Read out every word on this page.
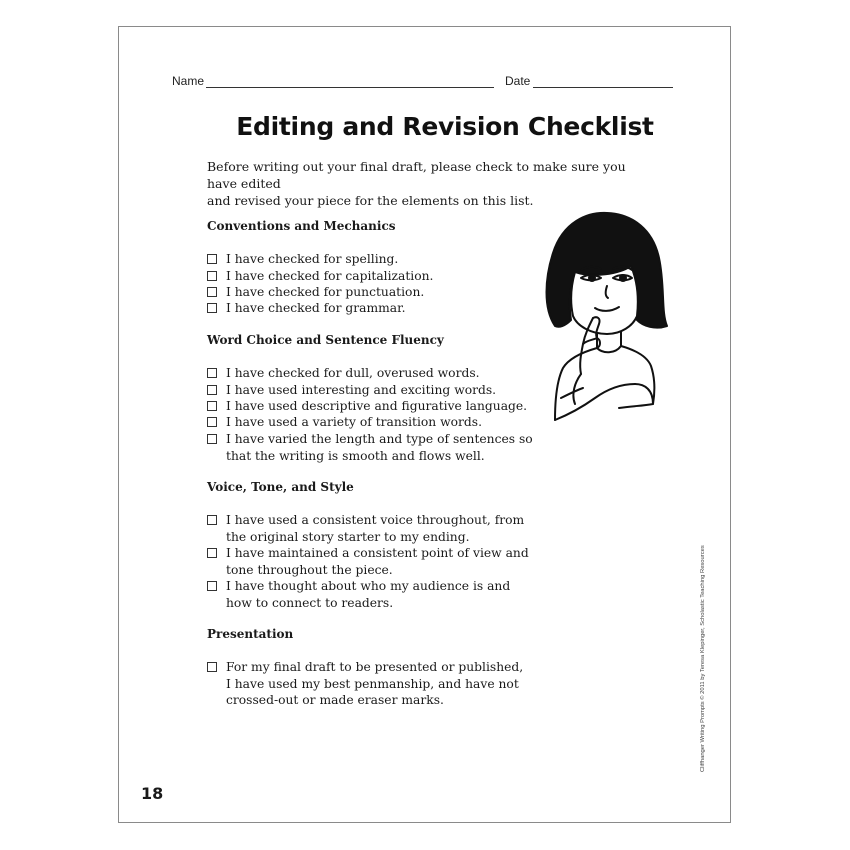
Name	Date
Editing and Revision Checklist
Before writing out your final draft, please check to make sure you have edited
and revised your piece for the elements on this list.
Conventions and Mechanics
I have checked for spelling.
I have checked for capitalization.
I have checked for punctuation.
I have checked for grammar.
Word Choice and Sentence Fluency
I have checked for dull, overused words.
I have used interesting and exciting words.
I have used descriptive and figurative language.
I have used a variety of transition words.
I have varied the length and type of sentences so
that the writing is smooth and flows well.
Voice, Tone, and Style
I have used a consistent voice throughout, from
the original story starter to my ending.
I have maintained a consistent point of view and
tone throughout the piece.
I have thought about who my audience is and
how to connect to readers.
Presentation
For my final draft to be presented or published,
I have used my best penmanship, and have not
crossed-out or made eraser marks.
18
Cliffhanger Writing Prompts © 2011 by Teresa Klepinger, Scholastic Teaching Resources
